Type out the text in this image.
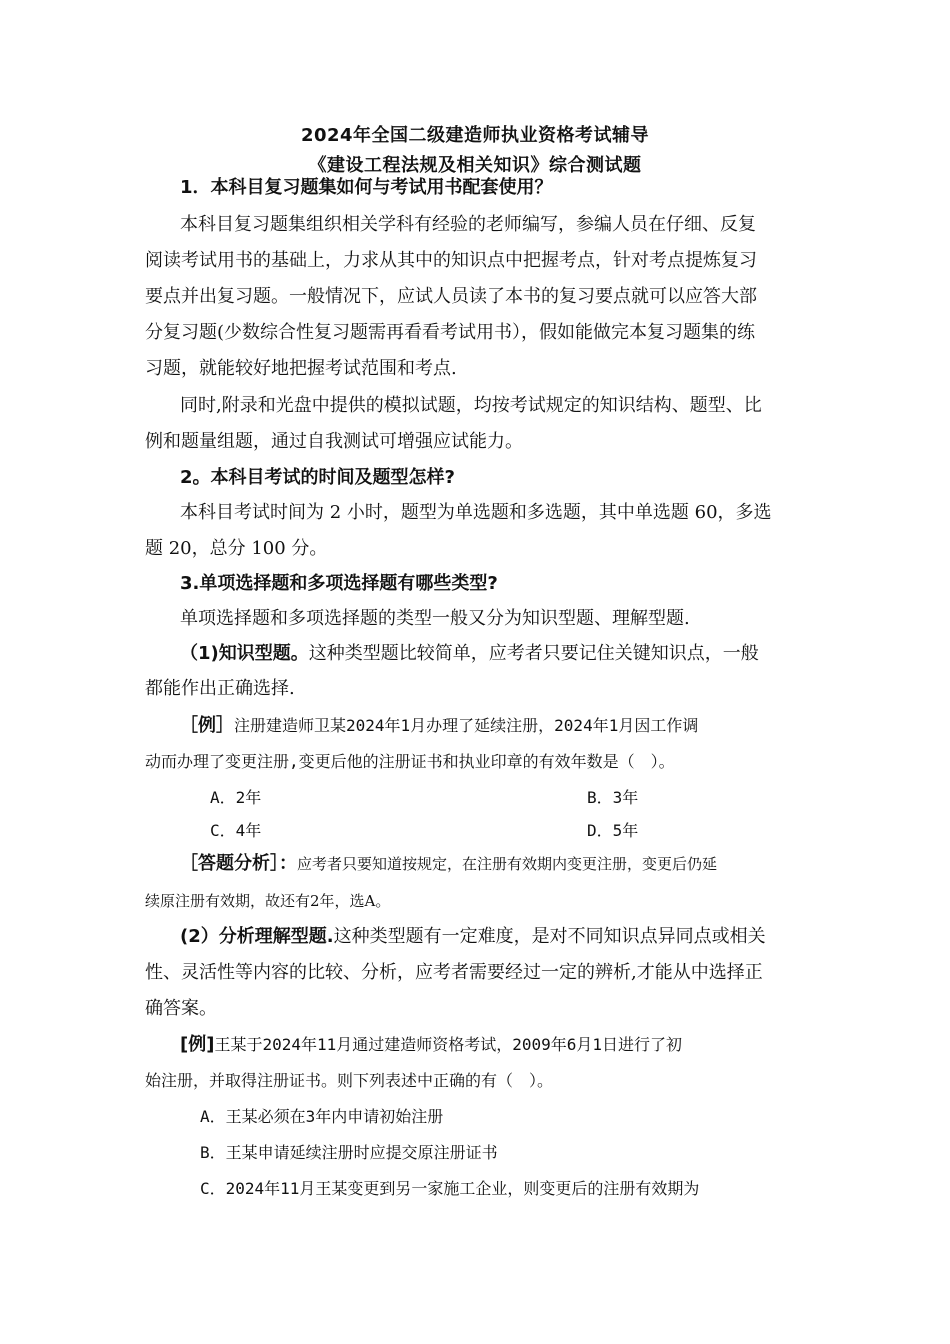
2024年全国二级建造师执业资格考试辅导
《建设工程法规及相关知识》综合测试题
1．本科目复习题集如何与考试用书配套使用？
本科目复习题集组织相关学科有经验的老师编写，参编人员在仔细、反复
阅读考试用书的基础上，力求从其中的知识点中把握考点，针对考点提炼复习
要点并出复习题。一般情况下，应试人员读了本书的复习要点就可以应答大部
分复习题(少数综合性复习题需再看看考试用书），假如能做完本复习题集的练
习题，就能较好地把握考试范围和考点.
同时,附录和光盘中提供的模拟试题，均按考试规定的知识结构、题型、比
例和题量组题，通过自我测试可增强应试能力。
2。本科目考试的时间及题型怎样?
本科目考试时间为 2 小时，题型为单选题和多选题，其中单选题 60，多选
题 20，总分 100 分。
3.单项选择题和多项选择题有哪些类型?
单项选择题和多项选择题的类型一般又分为知识型题、理解型题.
（1)知识型题。这种类型题比较简单，应考者只要记住关键知识点，一般
都能作出正确选择.
［例］注册建造师卫某2024年1月办理了延续注册，2024年1月因工作调
动而办理了变更注册,变更后他的注册证书和执业印章的有效年数是（　）。
A．2年	B．3年
C．4年	D．5年
［答题分析］：应考者只要知道按规定，在注册有效期内变更注册，变更后仍延
续原注册有效期，故还有2年，选A。
(2）分析理解型题.这种类型题有一定难度，是对不同知识点异同点或相关
性、灵活性等内容的比较、分析，应考者需要经过一定的辨析,才能从中选择正
确答案。
[例]王某于2024年11月通过建造师资格考试，2009年6月1日进行了初
始注册，并取得注册证书。则下列表述中正确的有（　）。
A．王某必须在3年内申请初始注册
B．王某申请延续注册时应提交原注册证书
C．2024年11月王某变更到另一家施工企业，则变更后的注册有效期为
